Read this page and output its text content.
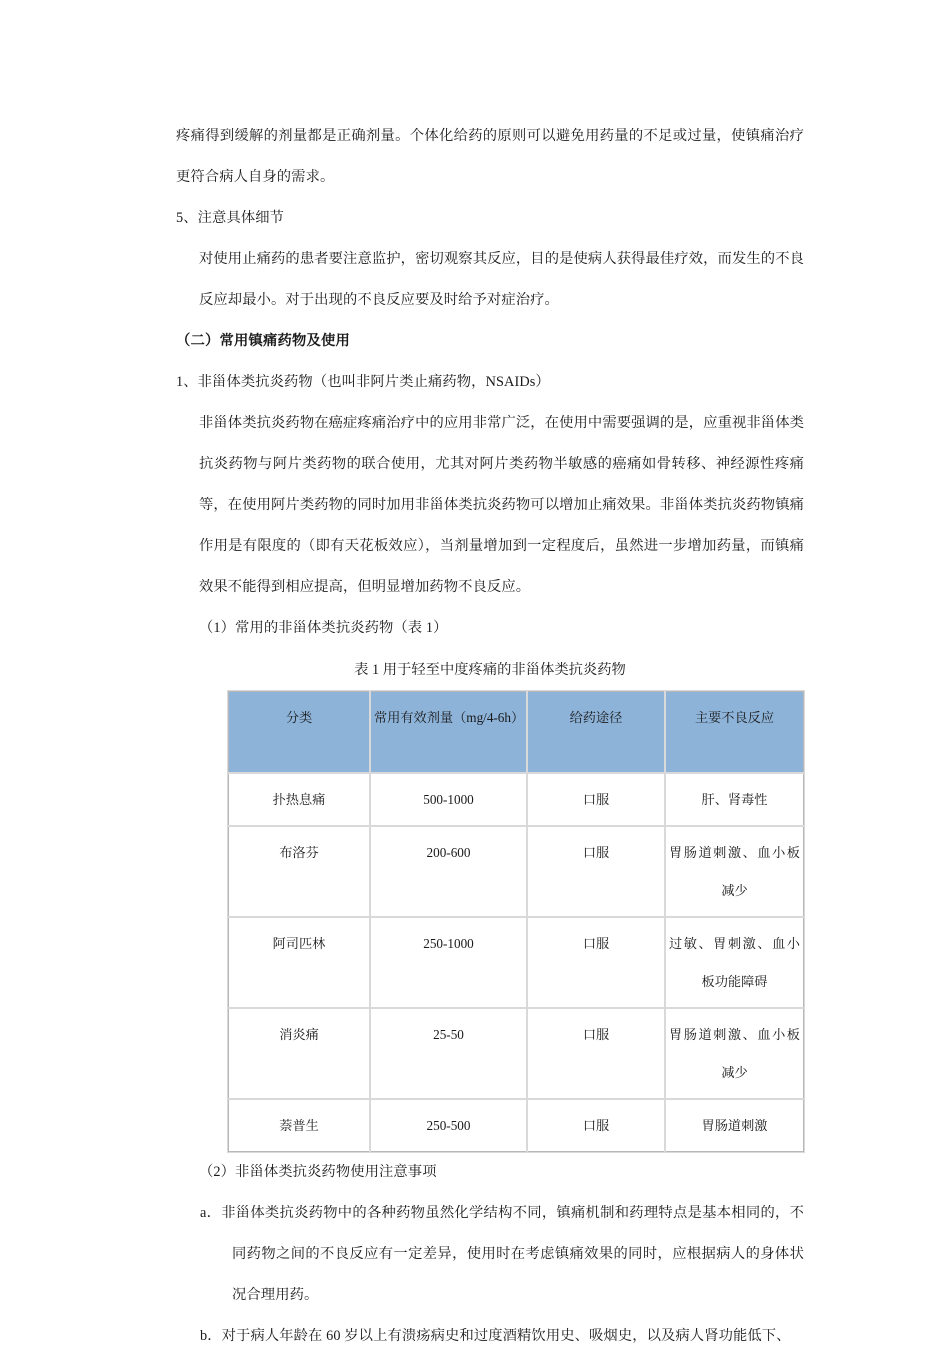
疼痛得到缓解的剂量都是正确剂量。个体化给药的原则可以避免用药量的不足或过量，使镇痛治疗更符合病人自身的需求。

5、注意具体细节

对使用止痛药的患者要注意监护，密切观察其反应，目的是使病人获得最佳疗效，而发生的不良反应却最小。对于出现的不良反应要及时给予对症治疗。

（二）常用镇痛药物及使用

1、非甾体类抗炎药物（也叫非阿片类止痛药物，NSAIDs）

非甾体类抗炎药物在癌症疼痛治疗中的应用非常广泛，在使用中需要强调的是，应重视非甾体类抗炎药物与阿片类药物的联合使用，尤其对阿片类药物半敏感的癌痛如骨转移、神经源性疼痛等，在使用阿片类药物的同时加用非甾体类抗炎药物可以增加止痛效果。非甾体类抗炎药物镇痛作用是有限度的（即有天花板效应），当剂量增加到一定程度后，虽然进一步增加药量，而镇痛效果不能得到相应提高，但明显增加药物不良反应。

（1）常用的非甾体类抗炎药物（表 1）

表 1 用于轻至中度疼痛的非甾体类抗炎药物

分类	常用有效剂量（mg/4-6h）	给药途径	主要不良反应

扑热息痛	500-1000	口服	肝、肾毒性

布洛芬	200-600	口服	胃肠道刺激、血小板减少

阿司匹林	250-1000	口服	过敏、胃刺激、血小板功能障碍

消炎痛	25-50	口服	胃肠道刺激、血小板减少

萘普生	250-500	口服	胃肠道刺激

（2）非甾体类抗炎药物使用注意事项

a．非甾体类抗炎药物中的各种药物虽然化学结构不同，镇痛机制和药理特点是基本相同的，不同药物之间的不良反应有一定差异，使用时在考虑镇痛效果的同时，应根据病人的身体状况合理用药。

b．对于病人年龄在 60 岁以上有溃疡病史和过度酒精饮用史、吸烟史，以及病人肾功能低下、
